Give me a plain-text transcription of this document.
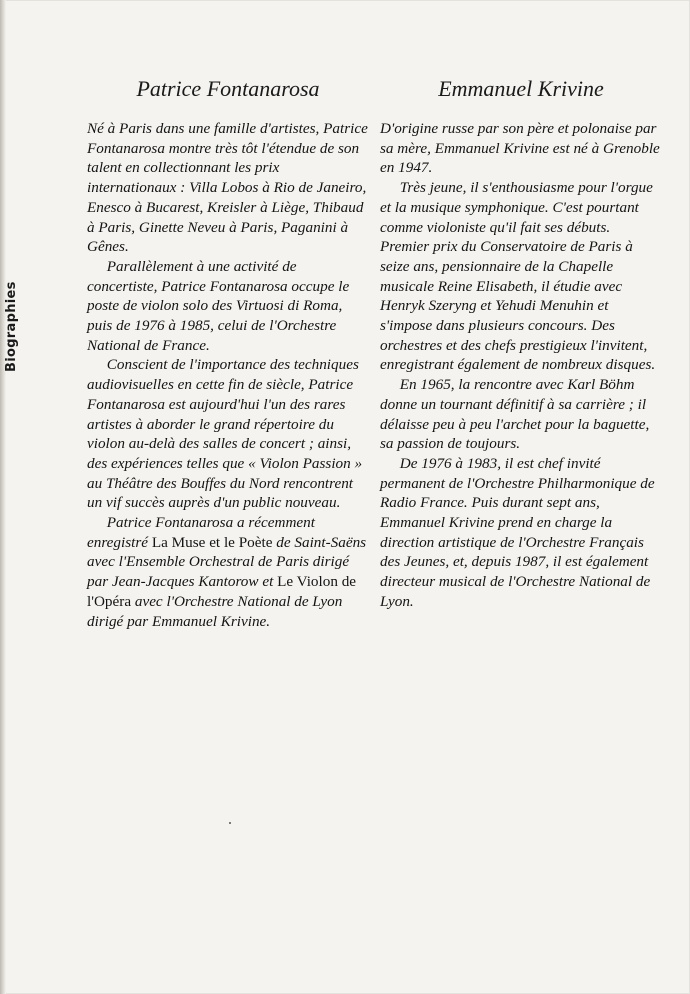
Biographies
Patrice Fontanarosa

Né à Paris dans une famille d'artistes, Patrice Fontanarosa montre très tôt l'étendue de son talent en collectionnant les prix internationaux : Villa Lobos à Rio de Janeiro, Enesco à Bucarest, Kreisler à Liège, Thibaud à Paris, Ginette Neveu à Paris, Paganini à Gênes.

Parallèlement à une activité de concertiste, Patrice Fontanarosa occupe le poste de violon solo des Virtuosi di Roma, puis de 1976 à 1985, celui de l'Orchestre National de France.

Conscient de l'importance des techniques audiovisuelles en cette fin de siècle, Patrice Fontanarosa est aujourd'hui l'un des rares artistes à aborder le grand répertoire du violon au-delà des salles de concert ; ainsi, des expériences telles que « Violon Passion » au Théâtre des Bouffes du Nord rencontrent un vif succès auprès d'un public nouveau.

Patrice Fontanarosa a récemment enregistré La Muse et le Poète de Saint-Saëns avec l'Ensemble Orchestral de Paris dirigé par Jean-Jacques Kantorow et Le Violon de l'Opéra avec l'Orchestre National de Lyon dirigé par Emmanuel Krivine.

Emmanuel Krivine

D'origine russe par son père et polonaise par sa mère, Emmanuel Krivine est né à Grenoble en 1947.

Très jeune, il s'enthousiasme pour l'orgue et la musique symphonique. C'est pourtant comme violoniste qu'il fait ses débuts. Premier prix du Conservatoire de Paris à seize ans, pensionnaire de la Chapelle musicale Reine Elisabeth, il étudie avec Henryk Szeryng et Yehudi Menuhin et s'impose dans plusieurs concours. Des orchestres et des chefs prestigieux l'invitent, enregistrant également de nombreux disques.

En 1965, la rencontre avec Karl Böhm donne un tournant définitif à sa carrière ; il délaisse peu à peu l'archet pour la baguette, sa passion de toujours.

De 1976 à 1983, il est chef invité permanent de l'Orchestre Philharmonique de Radio France. Puis durant sept ans, Emmanuel Krivine prend en charge la direction artistique de l'Orchestre Français des Jeunes, et, depuis 1987, il est également directeur musical de l'Orchestre National de Lyon.
